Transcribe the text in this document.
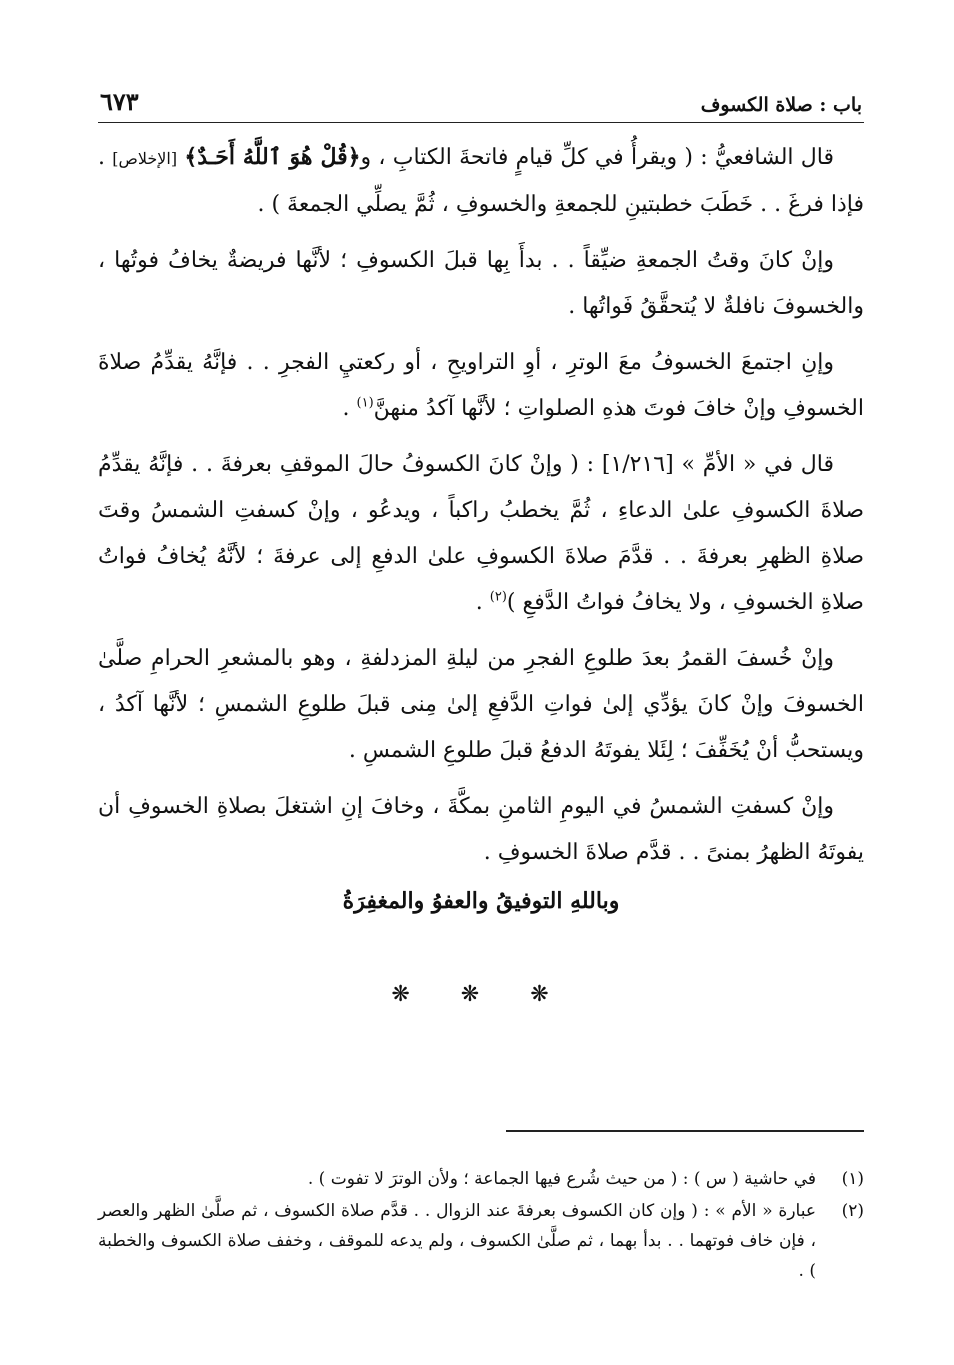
باب : صلاة الكسوف
٦٧٣

قال الشافعيُّ : ( ويقرأُ في كلِّ قيامٍ فاتحةَ الكتابِ ، و﴿قُلْ هُوَ ٱللَّهُ أَحَـدٌ﴾ [الإخلاص] . فإذا فرغَ . . خَطَبَ خطبتينِ للجمعةِ والخسوفِ ، ثُمَّ يصلِّي الجمعةَ ) .

وإنْ كانَ وقتُ الجمعةِ ضيِّقاً . . بدأَ بِها قبلَ الكسوفِ ؛ لأنَّها فريضةٌ يخافُ فوتُها ، والخسوفَ نافلةٌ لا يُتحقَّقُ فَواتُها .

وإنِ اجتمعَ الخسوفُ معَ الوترِ ، أوِ التراويحِ ، أو ركعتيِ الفجرِ . . فإنَّهُ يقدِّمُ صلاةَ الخسوفِ وإنْ خافَ فوتَ هذهِ الصلواتِ ؛ لأنَّها آكدُ منهنَّ$^{(١)}$ .

قال في « الأمِّ » [١/٢١٦] : ( وإنْ كانَ الكسوفُ حالَ الموقفِ بعرفةَ . . فإنَّهُ يقدِّمُ صلاةَ الكسوفِ علىٰ الدعاءِ ، ثُمَّ يخطبُ راكباً ، ويدعُو ، وإنْ كسفتِ الشمسُ وقتَ صلاةِ الظهرِ بعرفةَ . . قدَّمَ صلاةَ الكسوفِ علىٰ الدفعِ إلى عرفةَ ؛ لأنَّهُ يُخافُ فواتُ صلاةِ الخسوفِ ، ولا يخافُ فواتُ الدَّفعِ )$^{(٢)}$ .

وإنْ خُسفَ القمرُ بعدَ طلوعِ الفجرِ من ليلةِ المزدلفةِ ، وهو بالمشعرِ الحرامِ صلَّىٰ الخسوفَ وإنْ كانَ يؤدِّي إلىٰ فواتِ الدَّفعِ إلىٰ مِنى قبلَ طلوعِ الشمسِ ؛ لأنَّها آكدُ ، ويستحبُّ أنْ يُخَفِّفَ ؛ لِئَلا يفوتَهُ الدفعُ قبلَ طلوعِ الشمسِ .

وإنْ كسفتِ الشمسُ في اليومِ الثامنِ بمكَّةَ ، وخافَ إنِ اشتغلَ بصلاةِ الخسوفِ أن يفوتَهُ الظهرُ بمنىً . . قدَّم صلاةَ الخسوفِ .

وباللهِ التوفيقُ والعفوُ والمغفِرَةُ
❋ ❋ ❋
(١)
في حاشية ( س ) : ( من حيث شُرع فيها الجماعة ؛ ولأن الوترَ لا تفوت ) .
(٢)
عبارة « الأم » : ( وإن كان الكسوف بعرفةَ عند الزوال . . قدَّم صلاة الكسوف ، ثم صلَّىٰ الظهر والعصر ، فإن خاف فوتهما . . بدأ بهما ، ثم صلَّىٰ الكسوف ، ولم يدعه للموقف ، وخفف صلاة الكسوف والخطبة ) .
